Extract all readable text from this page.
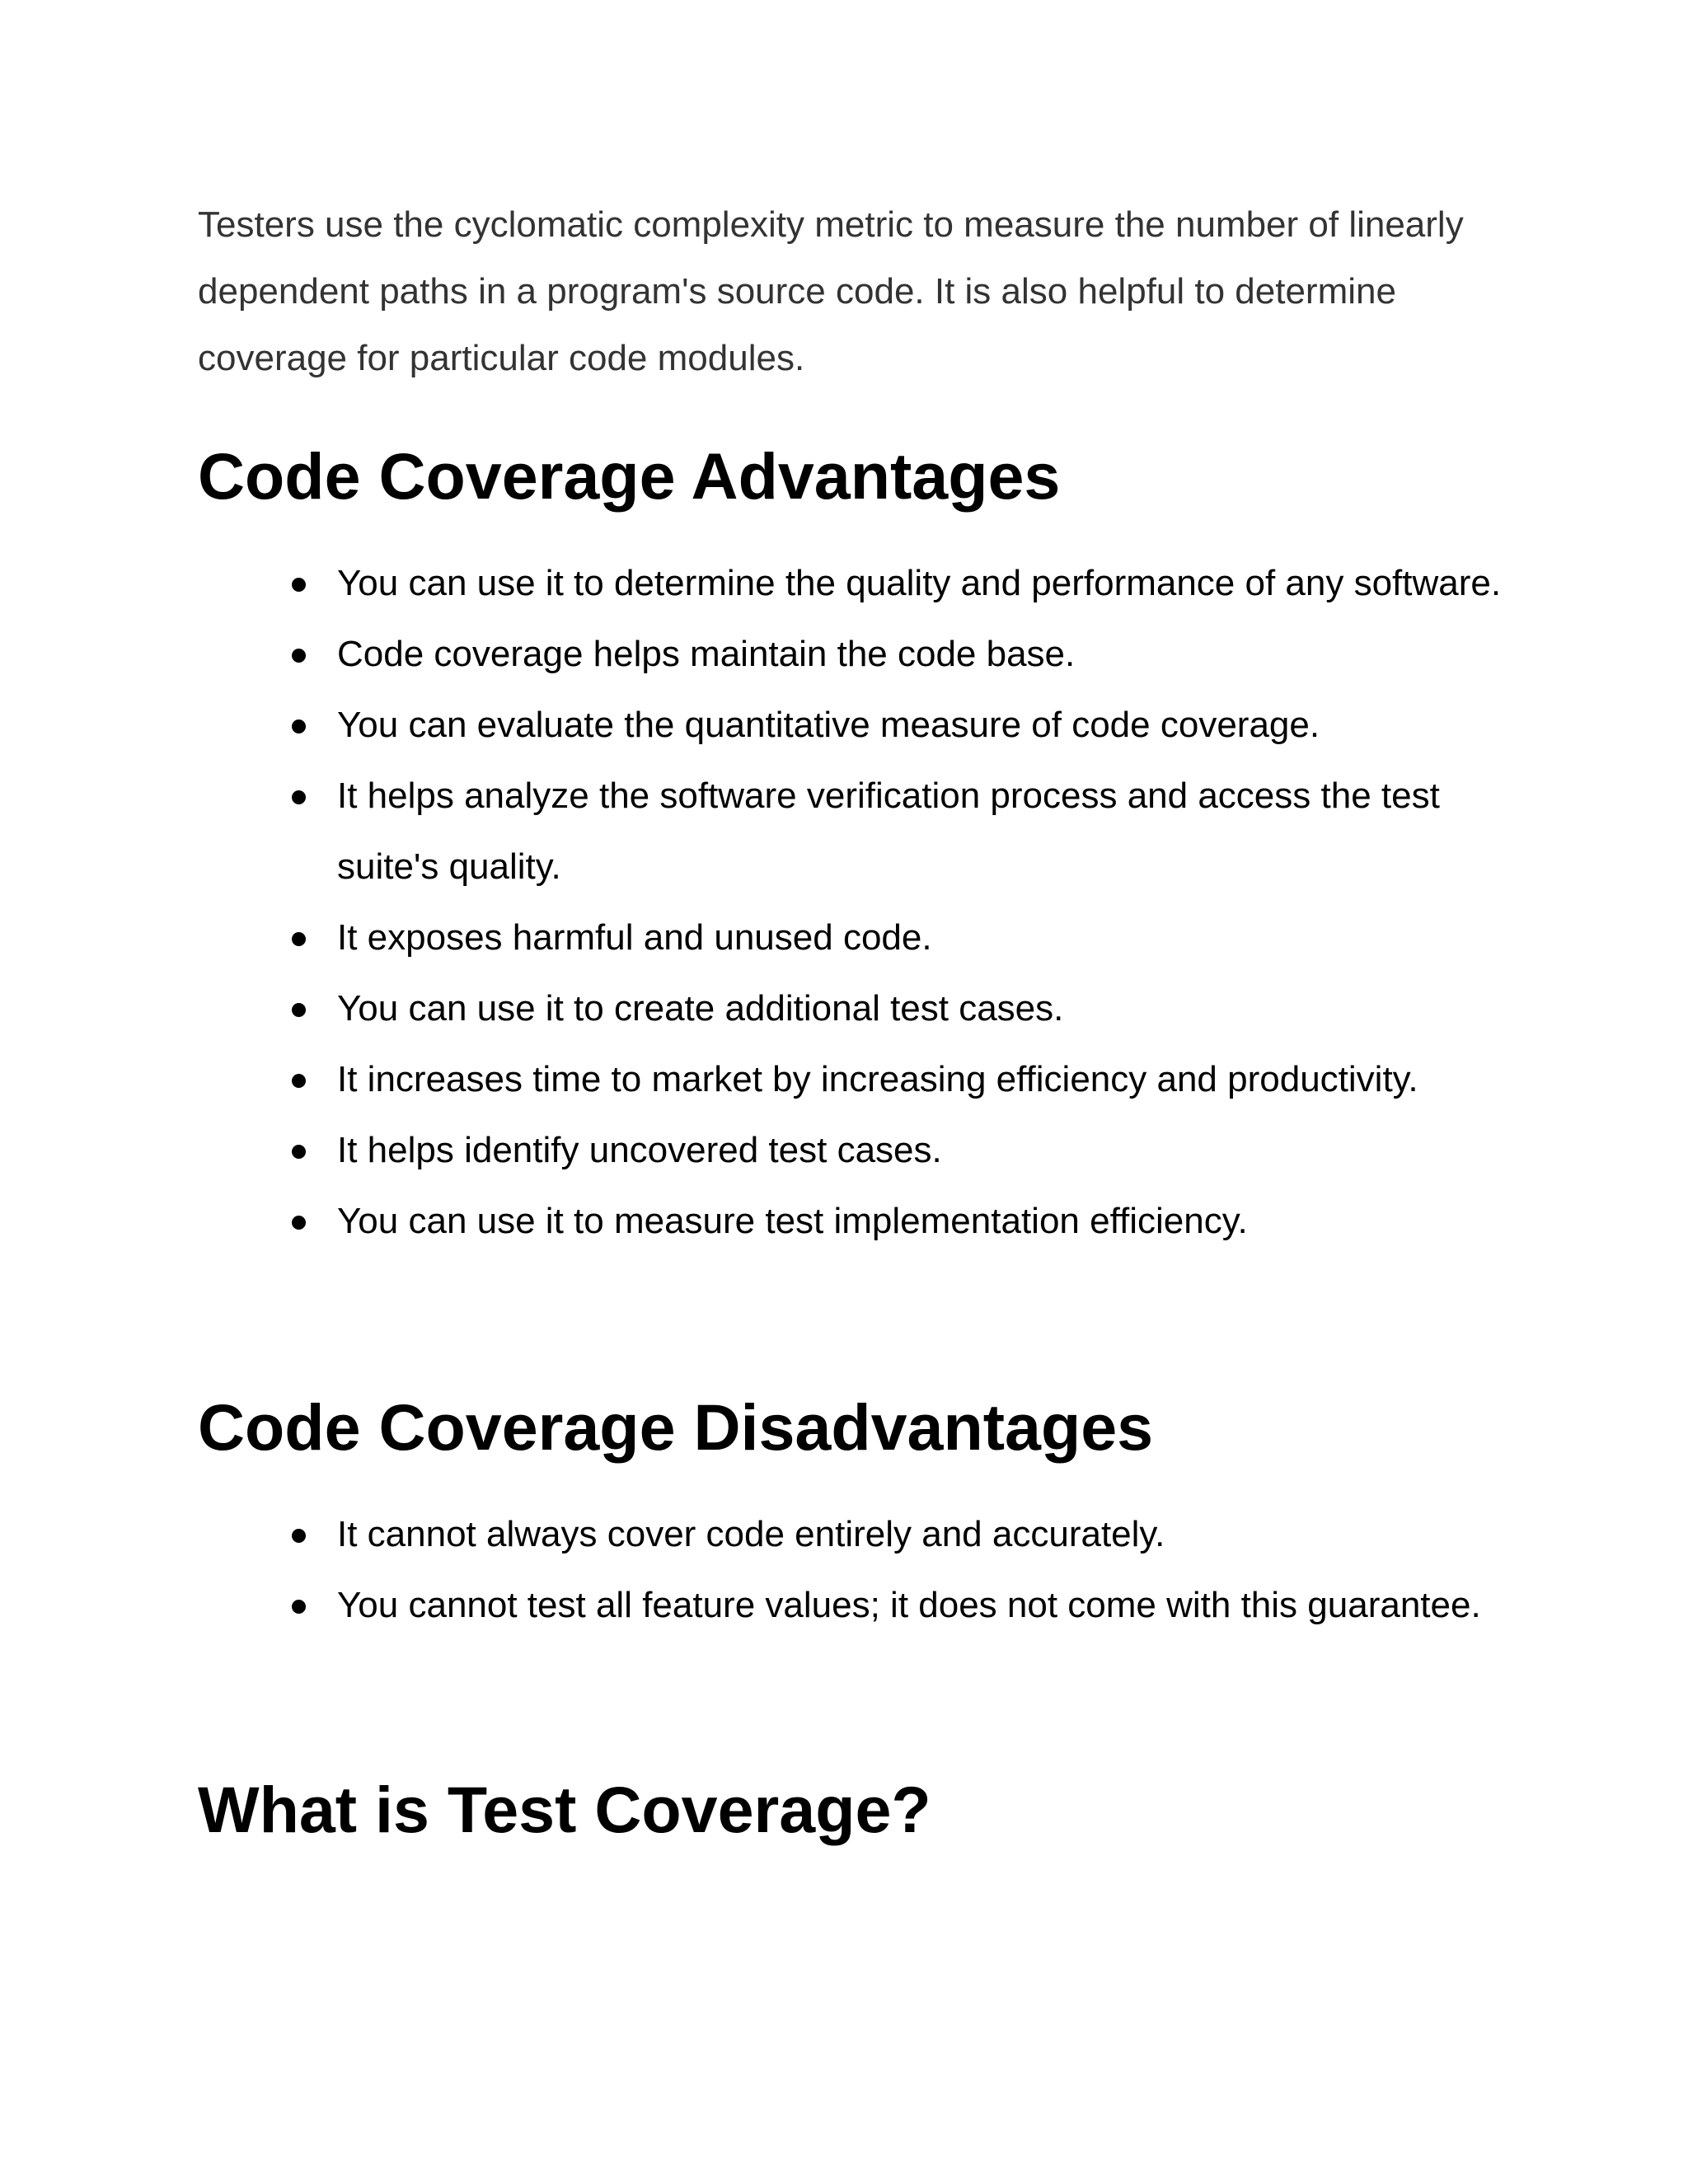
Testers use the cyclomatic complexity metric to measure the number of linearly dependent paths in a program's source code. It is also helpful to determine coverage for particular code modules.

Code Coverage Advantages
You can use it to determine the quality and performance of any software.
Code coverage helps maintain the code base.
You can evaluate the quantitative measure of code coverage.
It helps analyze the software verification process and access the test suite's quality.
It exposes harmful and unused code.
You can use it to create additional test cases.
It increases time to market by increasing efficiency and productivity.
It helps identify uncovered test cases.
You can use it to measure test implementation efficiency.
Code Coverage Disadvantages
It cannot always cover code entirely and accurately.
You cannot test all feature values; it does not come with this guarantee.
What is Test Coverage?
